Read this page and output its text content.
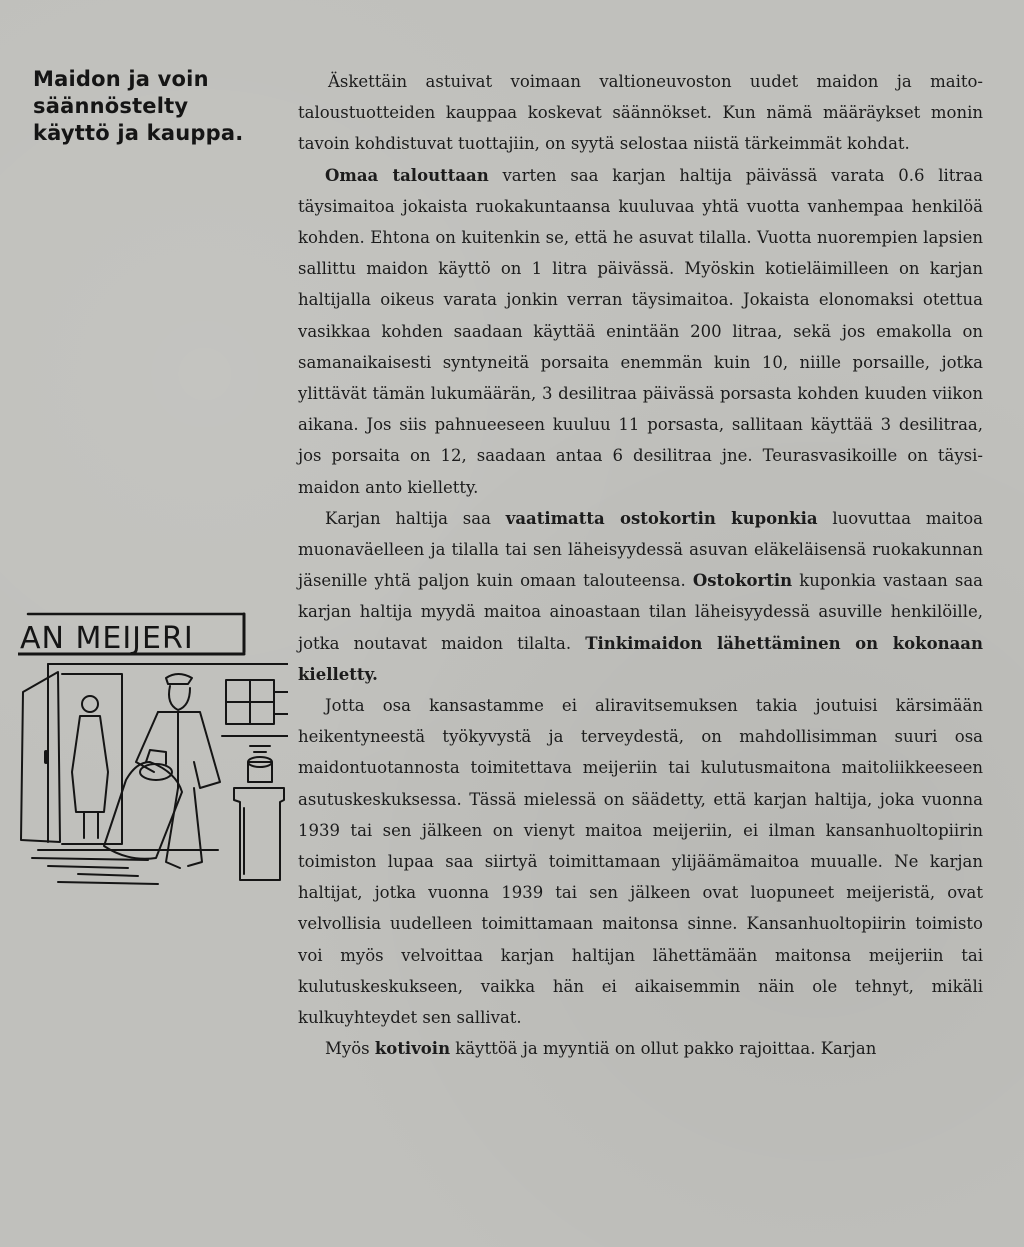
Maidon ja voin
säännöstelty
käyttö ja kauppa.
AN MEIJERI

Äskettäin astuivat voimaan valtioneuvoston uudet maidon ja maitotaloustuotteiden kauppaa koskevat säännökset. Kun nämä määräykset monin tavoin kohdistuvat tuottajiin, on syytä selostaa niistä tärkeimmät kohdat.

Omaa talouttaan varten saa karjan haltija päivässä varata 0.6 litraa täysimaitoa jokaista ruokakuntaansa kuuluvaa yhtä vuotta vanhempaa henkilöä kohden. Ehtona on kuitenkin se, että he asuvat tilalla. Vuotta nuorempien lapsien sallittu maidon käyttö on 1 litra päivässä. Myöskin kotieläimilleen on karjan haltijalla oikeus varata jonkin verran täysimaitoa. Jokaista elonomaksi otettua vasikkaa kohden saadaan käyttää enintään 200 litraa, sekä jos emakolla on samanaikaisesti syntyneitä porsaita enemmän kuin 10, niille porsaille, jotka ylittävät tämän lukumäärän, 3 desilitraa päivässä porsasta kohden kuuden viikon aikana. Jos siis pahnueeseen kuuluu 11 porsasta, sallitaan käyttää 3 desilitraa, jos porsaita on 12, saadaan antaa 6 desilitraa jne. Teurasvasikoille on täysimaidon anto kielletty.

Karjan haltija saa vaatimatta ostokortin kuponkia luovuttaa maitoa muonaväelleen ja tilalla tai sen läheisyydessä asuvan eläkeläisensä ruokakunnan jäsenille yhtä paljon kuin omaan talouteensa. Ostokortin kuponkia vastaan saa karjan haltija myydä maitoa ainoastaan tilan läheisyydessä asuville henkilöille, jotka noutavat maidon tilalta. Tinkimaidon lähettäminen on kokonaan kielletty.

Jotta osa kansastamme ei aliravitsemuksen takia joutuisi kärsimään heikentyneestä työkyvystä ja terveydestä, on mahdollisimman suuri osa maidontuotannosta toimitettava meijeriin tai kulutusmaitona maitoliikkeeseen asutuskeskuksessa. Tässä mielessä on säädetty, että karjan haltija, joka vuonna 1939 tai sen jälkeen on vienyt maitoa meijeriin, ei ilman kansanhuoltopiirin toimiston lupaa saa siirtyä toimittamaan ylijäämämaitoa muualle. Ne karjan haltijat, jotka vuonna 1939 tai sen jälkeen ovat luopuneet meijeristä, ovat velvollisia uudelleen toimittamaan maitonsa sinne. Kansanhuoltopiirin toimisto voi myös velvoittaa karjan haltijan lähettämään maitonsa meijeriin tai kulutuskeskukseen, vaikka hän ei aikaisemmin näin ole tehnyt, mikäli kulkuyhteydet sen sallivat.

Myös kotivoin käyttöä ja myyntiä on ollut pakko rajoittaa. Karjan
